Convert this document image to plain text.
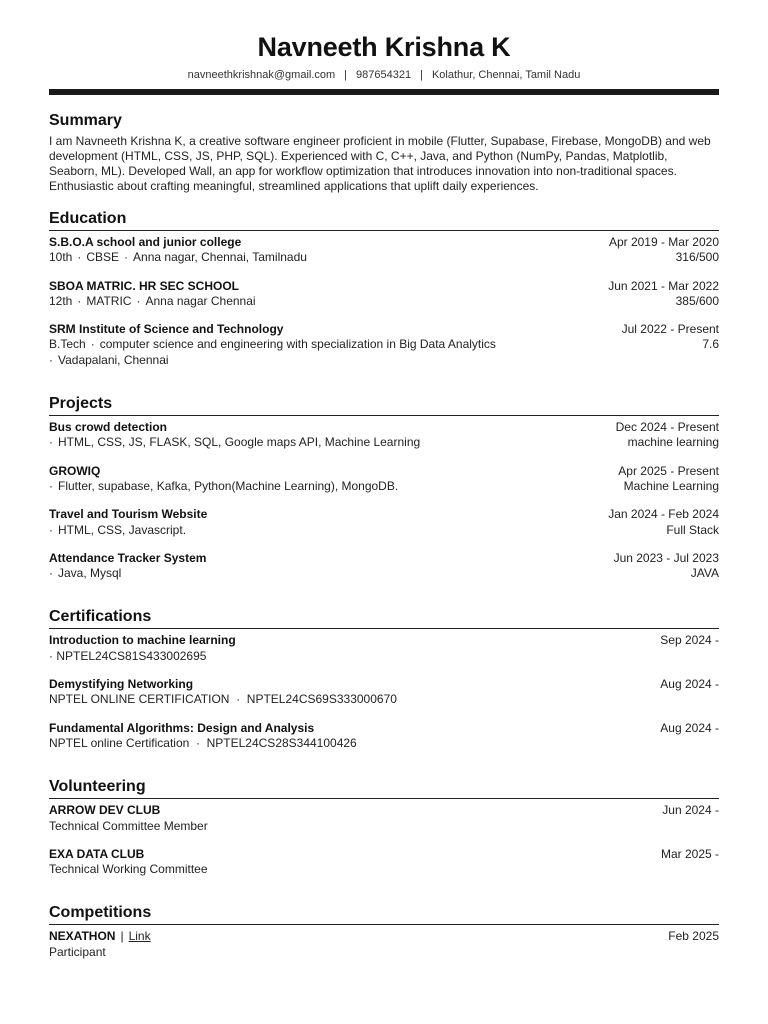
Navneeth Krishna K
navneethkrishnak@gmail.com | 987654321 | Kolathur, Chennai, Tamil Nadu
Summary
I am Navneeth Krishna K, a creative software engineer proficient in mobile (Flutter, Supabase, Firebase, MongoDB) and web development (HTML, CSS, JS, PHP, SQL). Experienced with C, C++, Java, and Python (NumPy, Pandas, Matplotlib, Seaborn, ML). Developed Wall, an app for workflow optimization that introduces innovation into non-traditional spaces. Enthusiastic about crafting meaningful, streamlined applications that uplift daily experiences.
Education
S.B.O.A school and junior college
10th · CBSE · Anna nagar, Chennai, Tamilnadu
Apr 2019 - Mar 2020
316/500
SBOA MATRIC. HR SEC SCHOOL
12th · MATRIC · Anna nagar Chennai
Jun 2021 - Mar 2022
385/600
SRM Institute of Science and Technology
B.Tech · computer science and engineering with specialization in Big Data Analytics
· Vadapalani, Chennai
Jul 2022 - Present
7.6
Projects
Bus crowd detection
· HTML, CSS, JS, FLASK, SQL, Google maps API, Machine Learning
Dec 2024 - Present
machine learning
GROWIQ
· Flutter, supabase, Kafka, Python(Machine Learning), MongoDB.
Apr 2025 - Present
Machine Learning
Travel and Tourism Website
· HTML, CSS, Javascript.
Jan 2024 - Feb 2024
Full Stack
Attendance Tracker System
· Java, Mysql
Jun 2023 - Jul 2023
JAVA
Certifications
Introduction to machine learning
· NPTEL24CS81S433002695
Sep 2024 -
Demystifying Networking
NPTEL ONLINE CERTIFICATION  ·  NPTEL24CS69S333000670
Aug 2024 -
Fundamental Algorithms: Design and Analysis
NPTEL online Certification  ·  NPTEL24CS28S344100426
Aug 2024 -
Volunteering
ARROW DEV CLUB
Technical Committee Member
Jun 2024 -
EXA DATA CLUB
Technical Working Committee
Mar 2025 -
Competitions
NEXATHON | Link
Participant
Feb 2025
